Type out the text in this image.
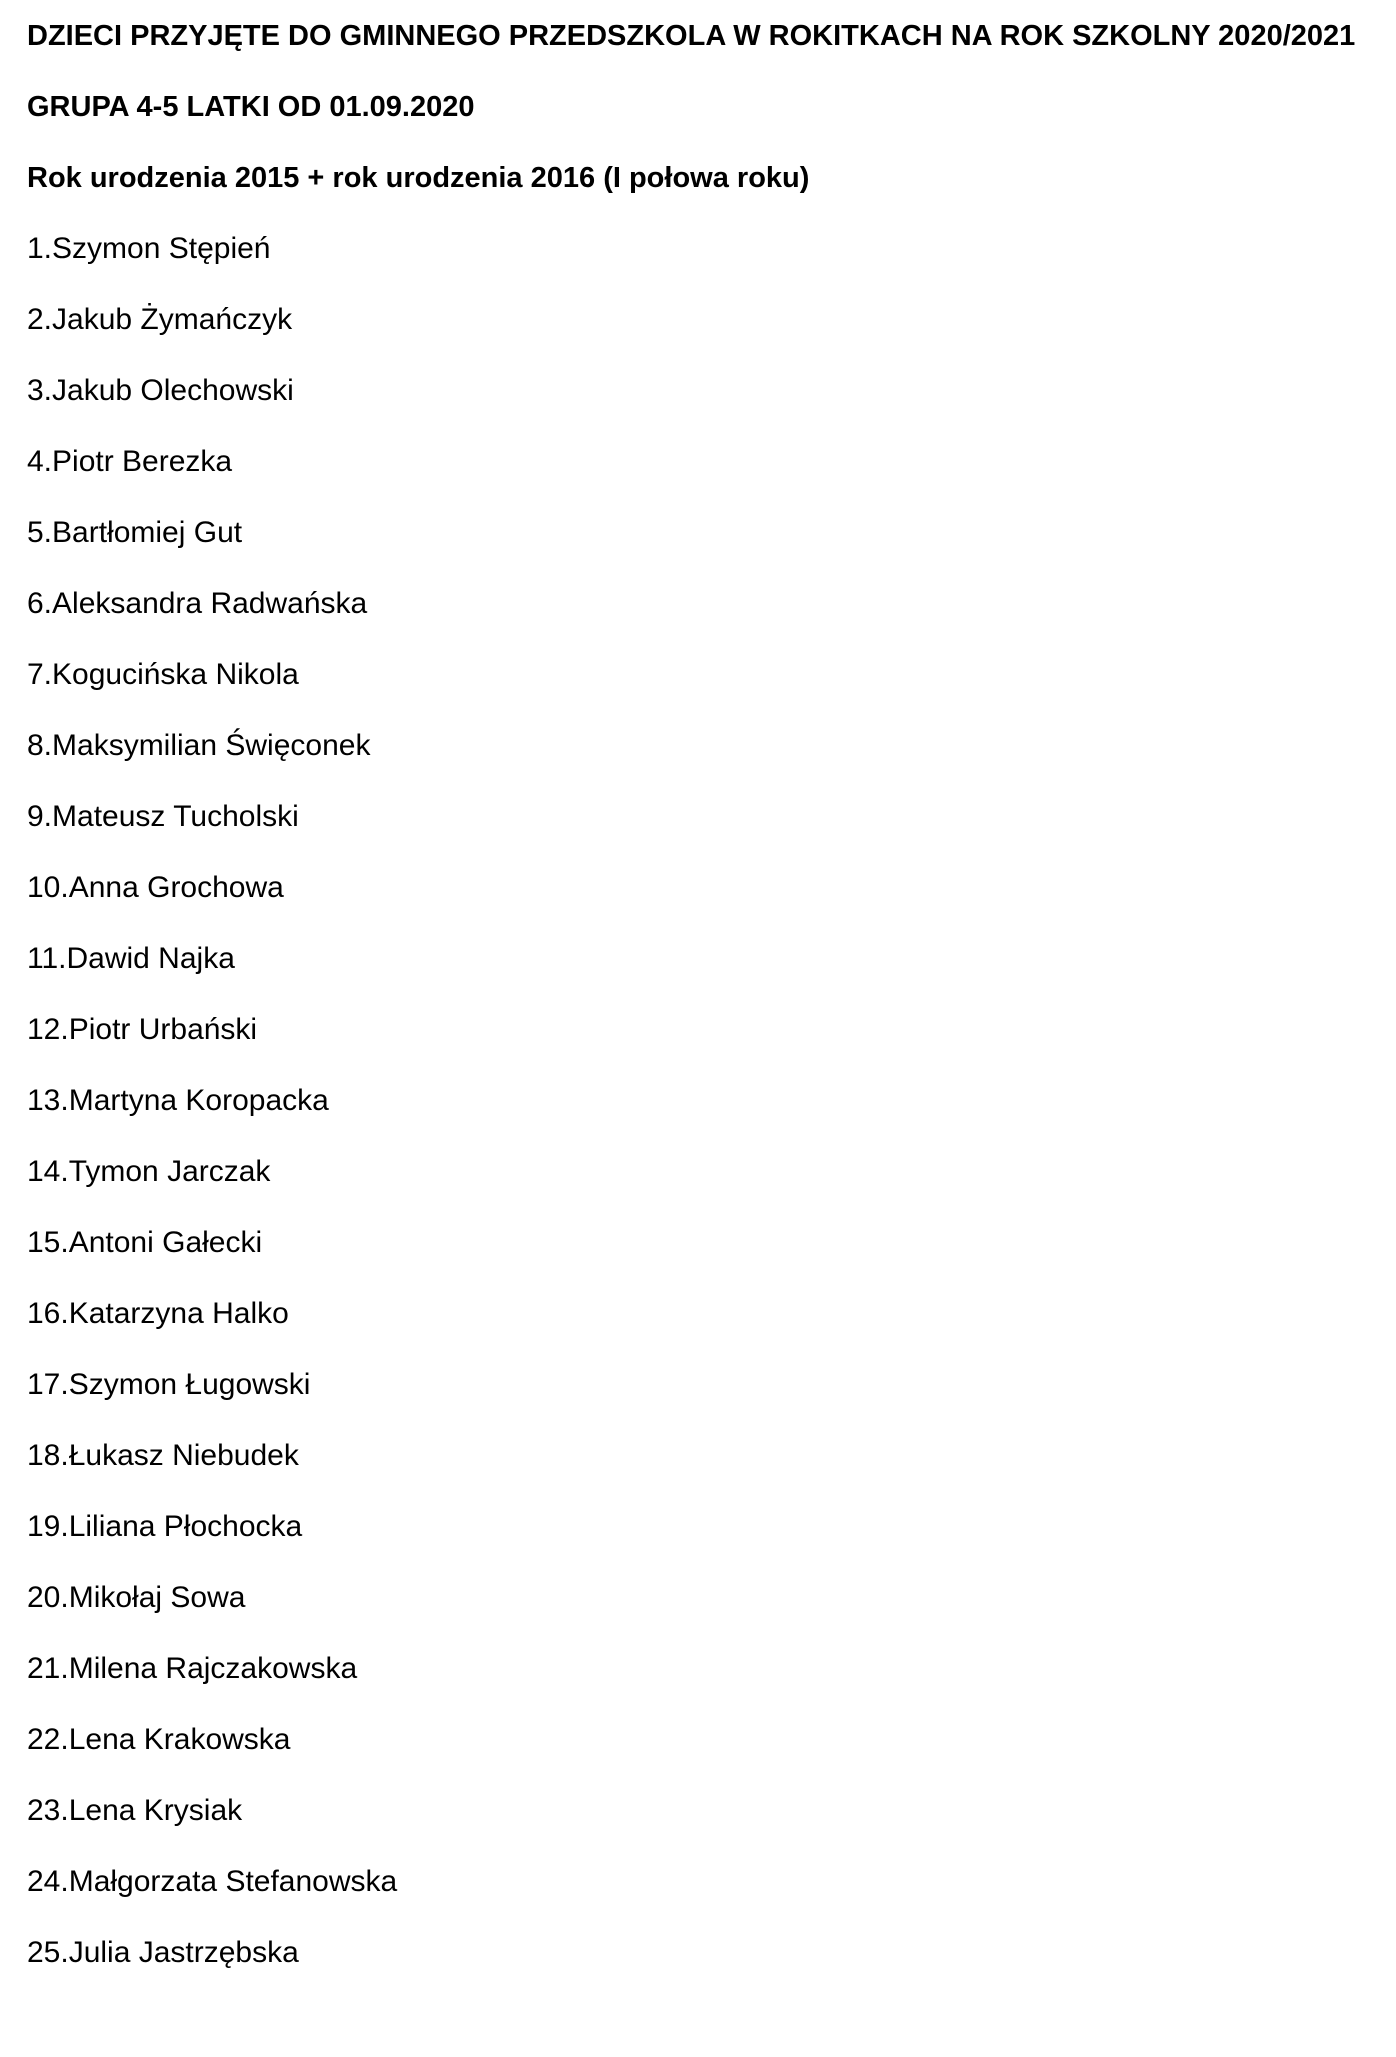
DZIECI PRZYJĘTE DO GMINNEGO PRZEDSZKOLA W ROKITKACH NA ROK SZKOLNY 2020/2021
GRUPA 4-5 LATKI OD 01.09.2020
Rok urodzenia 2015 + rok urodzenia 2016 (I połowa roku)
1.Szymon Stępień
2.Jakub Żymańczyk
3.Jakub Olechowski
4.Piotr Berezka
5.Bartłomiej Gut
6.Aleksandra Radwańska
7.Kogucińska Nikola
8.Maksymilian Święconek
9.Mateusz Tucholski
10.Anna Grochowa
11.Dawid Najka
12.Piotr Urbański
13.Martyna Koropacka
14.Tymon Jarczak
15.Antoni Gałecki
16.Katarzyna Halko
17.Szymon Ługowski
18.Łukasz Niebudek
19.Liliana Płochocka
20.Mikołaj Sowa
21.Milena Rajczakowska
22.Lena Krakowska
23.Lena Krysiak
24.Małgorzata Stefanowska
25.Julia Jastrzębska
